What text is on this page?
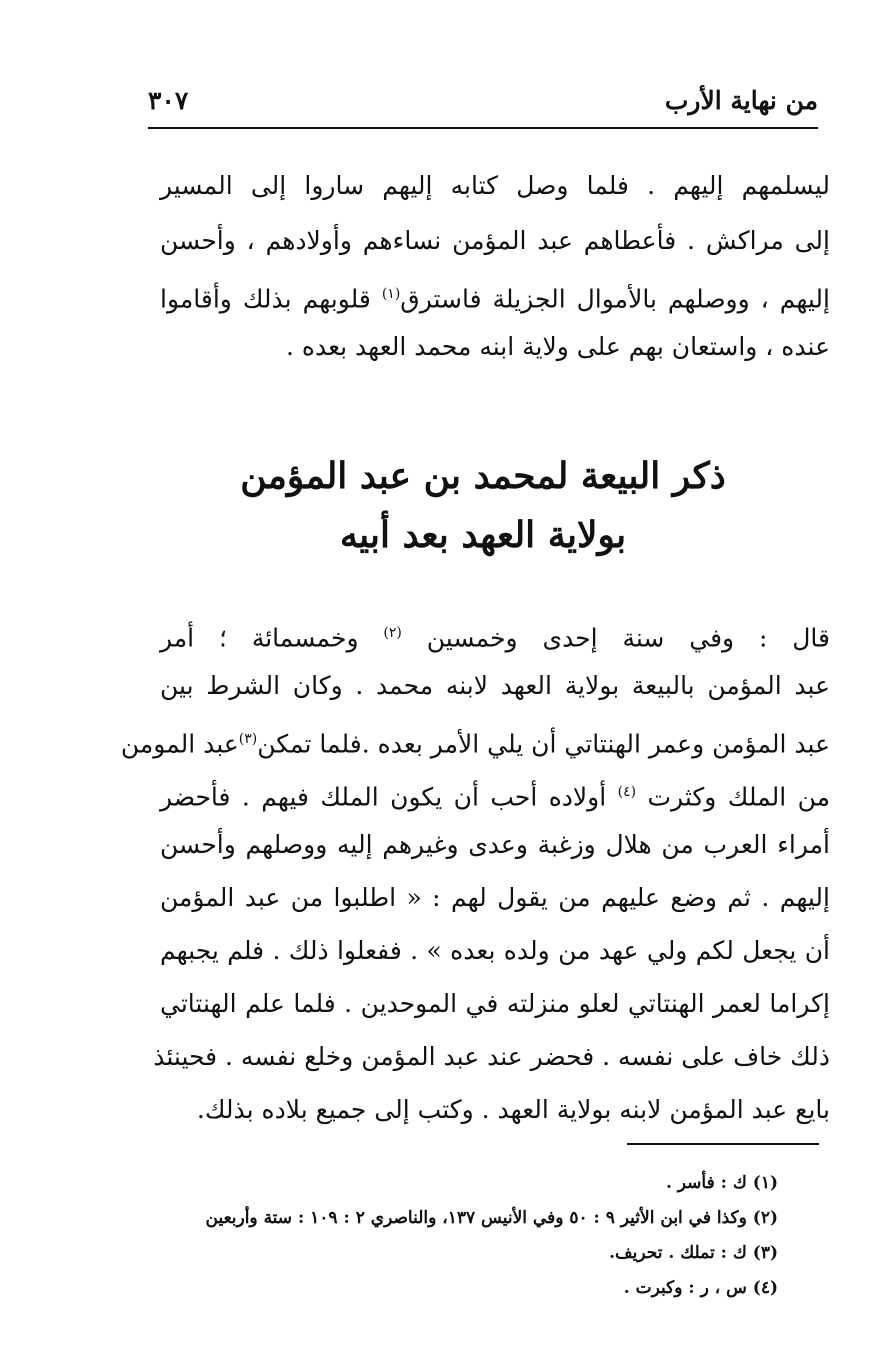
من نهاية الأرب
٣٠٧
ليسلمهم إليهم . فلما وصل كتابه إليهم ساروا إلى المسير
إلى مراكش . فأعطاهم عبد المؤمن نساءهم وأولادهم ، وأحسن
إليهم ، ووصلهم بالأموال الجزيلة فاسترق$^{(١)}$ قلوبهم بذلك وأقاموا
عنده ، واستعان بهم على ولاية ابنه محمد العهد بعده .
ذكر البيعة لمحمد بن عبد المؤمن
بولاية العهد بعد أبيه
قال : وفي سنة إحدى وخمسين $^{(٢)}$ وخمسمائة ؛ أمر
عبد المؤمن بالبيعة بولاية العهد لابنه محمد . وكان الشرط بين
عبد المؤمن وعمر الهنتاتي أن يلي الأمر بعده .فلما تمكن$^{(٣)}$عبد المومن
من الملك وكثرت $^{(٤)}$ أولاده أحب أن يكون الملك فيهم . فأحضر
أمراء العرب من هلال وزغبة وعدى وغيرهم إليه ووصلهم وأحسن
إليهم . ثم وضع عليهم من يقول لهم : « اطلبوا من عبد المؤمن
أن يجعل لكم ولي عهد من ولده بعده » . ففعلوا ذلك . فلم يجبهم
إكراما لعمر الهنتاتي لعلو منزلته في الموحدين . فلما علم الهنتاتي
ذلك خاف على نفسه . فحضر عند عبد المؤمن وخلع نفسه . فحينئذ
بايع عبد المؤمن لابنه بولاية العهد . وكتب إلى جميع بلاده بذلك.
(١) ك : فأسر .
(٢) وكذا في ابن الأثير ٩ : ٥٠ وفي الأنيس ١٣٧، والناصري ٢ : ١٠٩ : ستة وأربعين
(٣) ك : تملك . تحريف.
(٤) س ، ر : وكبرت .
